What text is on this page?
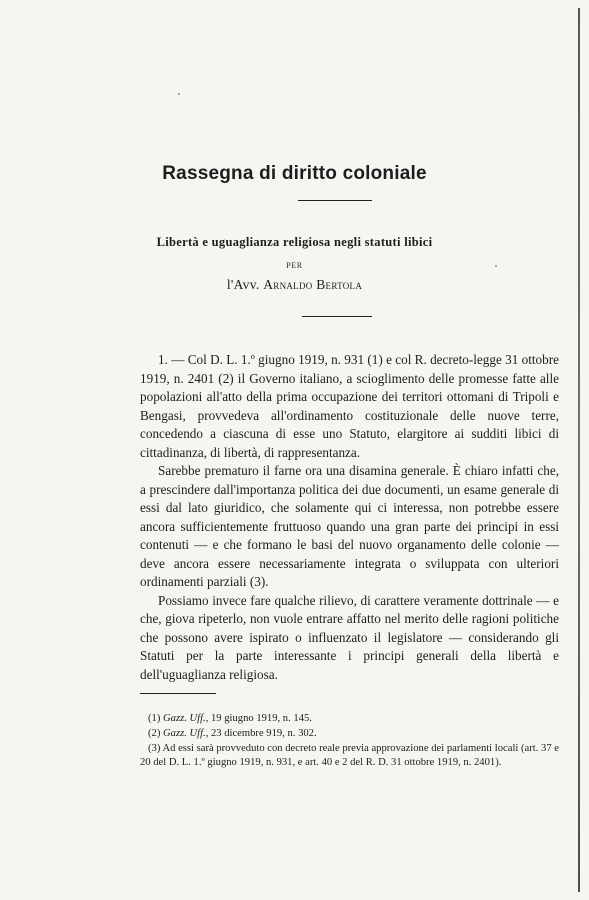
Rassegna di diritto coloniale
Libertà e uguaglianza religiosa negli statuti libici
PER
l'Avv. Arnaldo Bertola

1. — Col D. L. 1.º giugno 1919, n. 931 (1) e col R. decreto-legge 31 ottobre 1919, n. 2401 (2) il Governo italiano, a scioglimento delle promesse fatte alle popolazioni all'atto della prima occupazione dei territori ottomani di Tripoli e Bengasi, provvedeva all'ordinamento costituzionale delle nuove terre, concedendo a ciascuna di esse uno Statuto, elargitore ai sudditi libici di cittadinanza, di libertà, di rappresentanza.

Sarebbe prematuro il farne ora una disamina generale. È chiaro infatti che, a prescindere dall'importanza politica dei due documenti, un esame generale di essi dal lato giuridico, che solamente qui ci interessa, non potrebbe essere ancora sufficientemente fruttuoso quando una gran parte dei principi in essi contenuti — e che formano le basi del nuovo organamento delle colonie — deve ancora essere necessariamente integrata o sviluppata con ulteriori ordinamenti parziali (3).

Possiamo invece fare qualche rilievo, di carattere veramente dottrinale — e che, giova ripeterlo, non vuole entrare affatto nel merito delle ragioni politiche che possono avere ispirato o influenzato il legislatore — considerando gli Statuti per la parte interessante i principi generali della libertà e dell'uguaglianza religiosa.

(1) Gazz. Uff., 19 giugno 1919, n. 145.

(2) Gazz. Uff., 23 dicembre 919, n. 302.

(3) Ad essi sarà provveduto con decreto reale previa approvazione dei parlamenti locali (art. 37 e 20 del D. L. 1.º giugno 1919, n. 931, e art. 40 e 2 del R. D. 31 ottobre 1919, n. 2401).
